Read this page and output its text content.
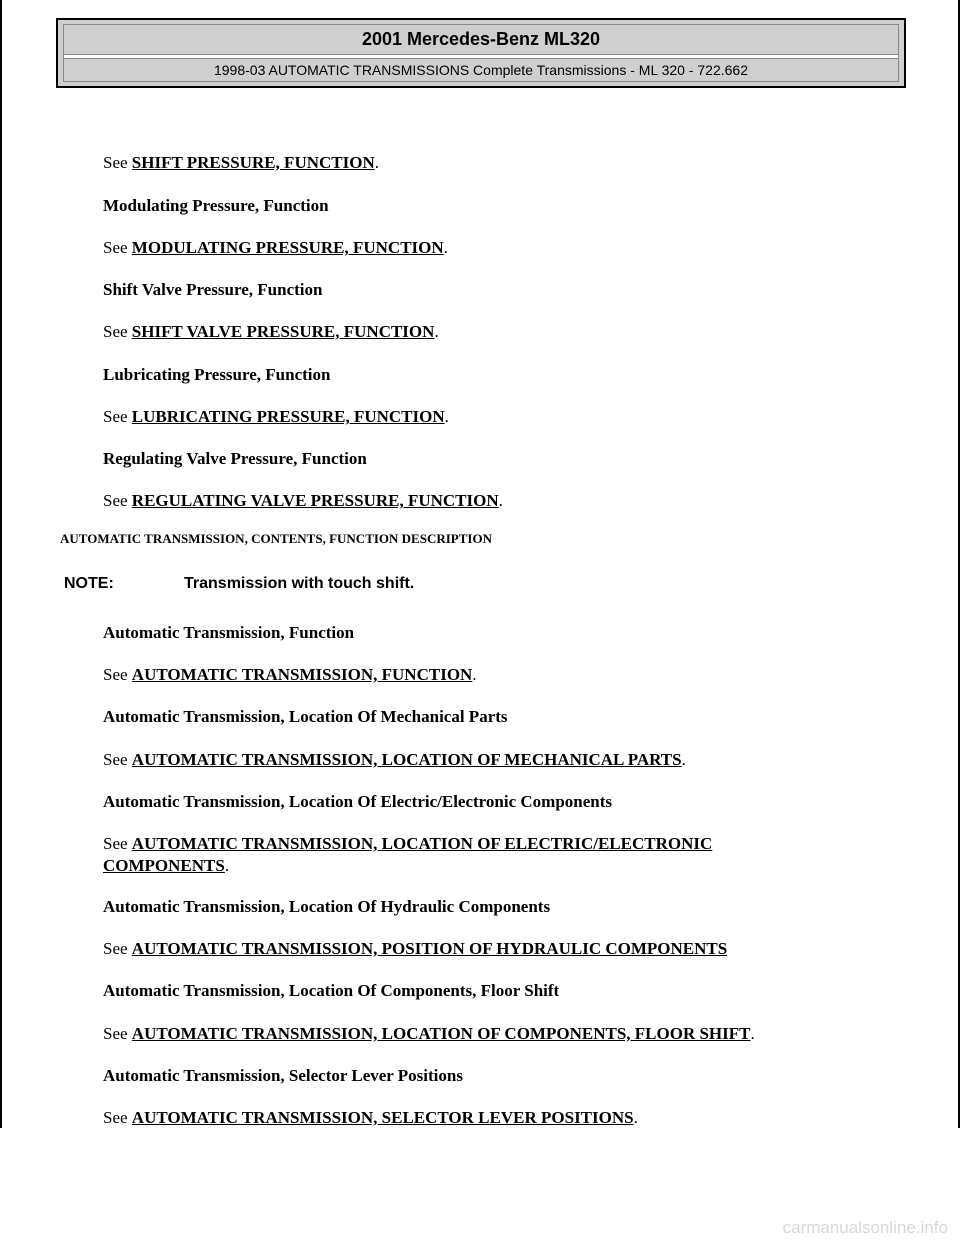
2001 Mercedes-Benz ML320
1998-03 AUTOMATIC TRANSMISSIONS Complete Transmissions - ML 320 - 722.662
See SHIFT PRESSURE, FUNCTION.
Modulating Pressure, Function
See MODULATING PRESSURE, FUNCTION.
Shift Valve Pressure, Function
See SHIFT VALVE PRESSURE, FUNCTION.
Lubricating Pressure, Function
See LUBRICATING PRESSURE, FUNCTION.
Regulating Valve Pressure, Function
See REGULATING VALVE PRESSURE, FUNCTION.
AUTOMATIC TRANSMISSION, CONTENTS, FUNCTION DESCRIPTION
NOTE:	Transmission with touch shift.
Automatic Transmission, Function
See AUTOMATIC TRANSMISSION, FUNCTION.
Automatic Transmission, Location Of Mechanical Parts
See AUTOMATIC TRANSMISSION, LOCATION OF MECHANICAL PARTS.
Automatic Transmission, Location Of Electric/Electronic Components
See AUTOMATIC TRANSMISSION, LOCATION OF ELECTRIC/ELECTRONIC
COMPONENTS.
Automatic Transmission, Location Of Hydraulic Components
See AUTOMATIC TRANSMISSION, POSITION OF HYDRAULIC COMPONENTS
Automatic Transmission, Location Of Components, Floor Shift
See AUTOMATIC TRANSMISSION, LOCATION OF COMPONENTS, FLOOR SHIFT.
Automatic Transmission, Selector Lever Positions
See AUTOMATIC TRANSMISSION, SELECTOR LEVER POSITIONS.
carmanualsonline.info
